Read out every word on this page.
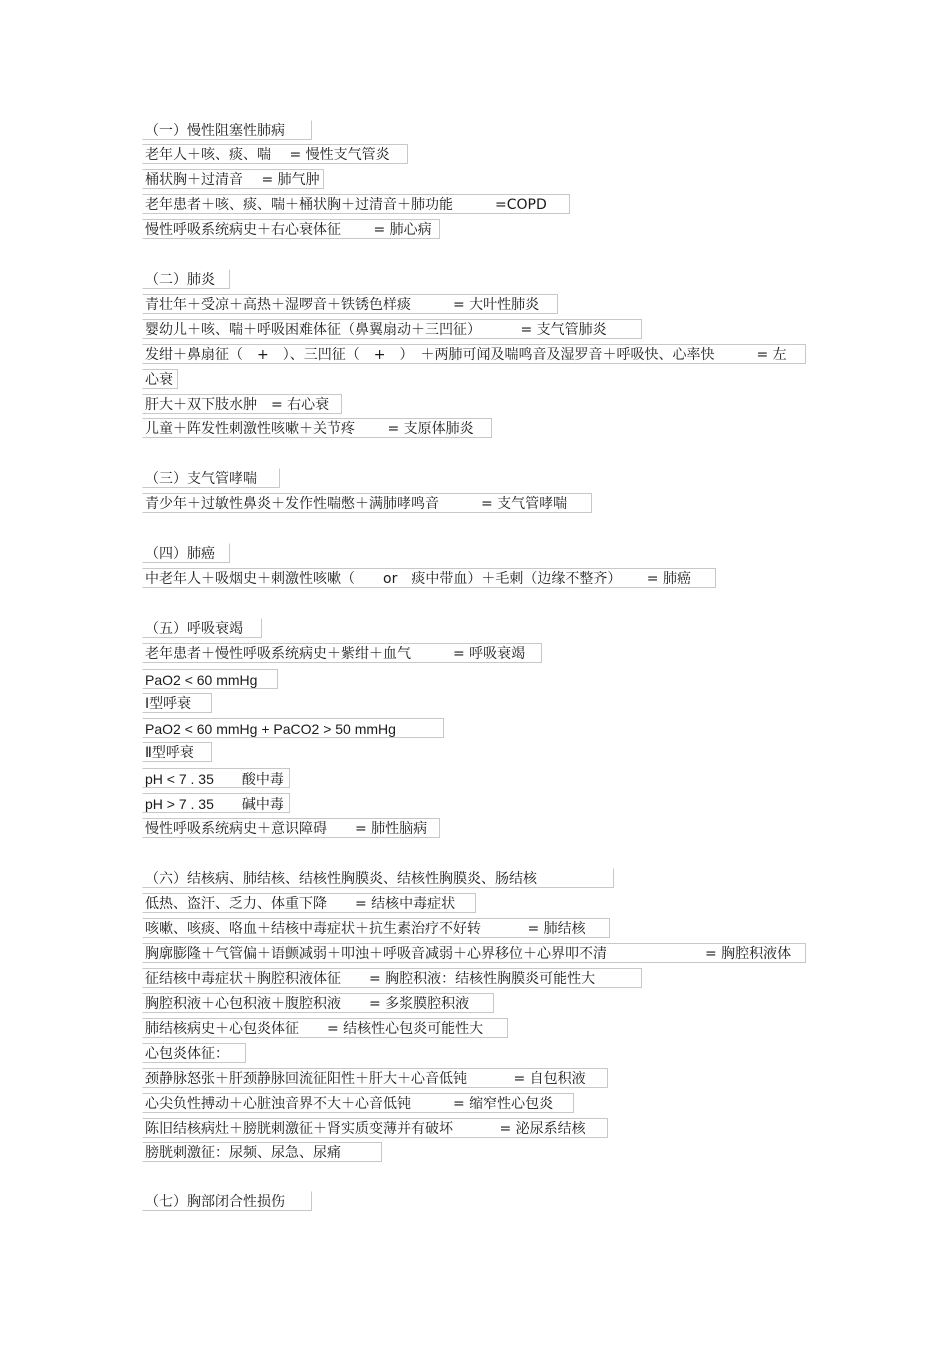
（一）慢性阻塞性肺病
老年人＋咳、痰、喘　 = 慢性支气管炎
桶状胸＋过清音　 = 肺气肿
老年患者＋咳、痰、喘＋桶状胸＋过清音＋肺功能　　　=COPD
慢性呼吸系统病史＋右心衰体征　　 = 肺心病
（二）肺炎
青壮年＋受凉＋高热＋湿啰音＋铁锈色样痰　　　= 大叶性肺炎
婴幼儿＋咳、喘＋呼吸困难体征（鼻翼扇动＋三凹征）　　　 = 支气管肺炎
发绀＋鼻扇征（　+　）、三凹征（　+　）　＋两肺可闻及喘鸣音及湿罗音＋呼吸快、心率快　　　= 左
心衰
肝大＋双下肢水肿　= 右心衰
儿童＋阵发性刺激性咳嗽＋关节疼　　 = 支原体肺炎
（三）支气管哮喘
青少年＋过敏性鼻炎＋发作性喘憋＋满肺哮鸣音　　　= 支气管哮喘
（四）肺癌
中老年人＋吸烟史＋刺激性咳嗽（　　or　痰中带血）＋毛刺（边缘不整齐）　　 = 肺癌
（五）呼吸衰竭
老年患者＋慢性呼吸系统病史＋紫绀＋血气　　　= 呼吸衰竭
PaO2 < 60 mmHg
Ⅰ型呼衰
PaO2 < 60 mmHg + PaCO2 > 50 mmHg
Ⅱ型呼衰
pH < 7 . 35　　酸中毒
pH > 7 . 35　　碱中毒
慢性呼吸系统病史＋意识障碍　　= 肺性脑病
（六）结核病、肺结核、结核性胸膜炎、结核性胸膜炎、肠结核
低热、盗汗、乏力、体重下降　　= 结核中毒症状
咳嗽、咳痰、咯血＋结核中毒症状＋抗生素治疗不好转　　　 = 肺结核
胸廓膨隆＋气管偏＋语颤减弱＋叩浊＋呼吸音减弱＋心界移位＋心界叩不清　　　　　　　= 胸腔积液体
征结核中毒症状＋胸腔积液体征　　= 胸腔积液：结核性胸膜炎可能性大
胸腔积液＋心包积液＋腹腔积液　　= 多浆膜腔积液
肺结核病史＋心包炎体征　　= 结核性心包炎可能性大
心包炎体征：
颈静脉怒张＋肝颈静脉回流征阳性＋肝大＋心音低钝　　　 = 自包积液
心尖负性搏动＋心脏浊音界不大＋心音低钝　　　= 缩窄性心包炎
陈旧结核病灶＋膀胱刺激征＋肾实质变薄并有破坏　　　 = 泌尿系结核
膀胱刺激征：尿频、尿急、尿痛
（七）胸部闭合性损伤
